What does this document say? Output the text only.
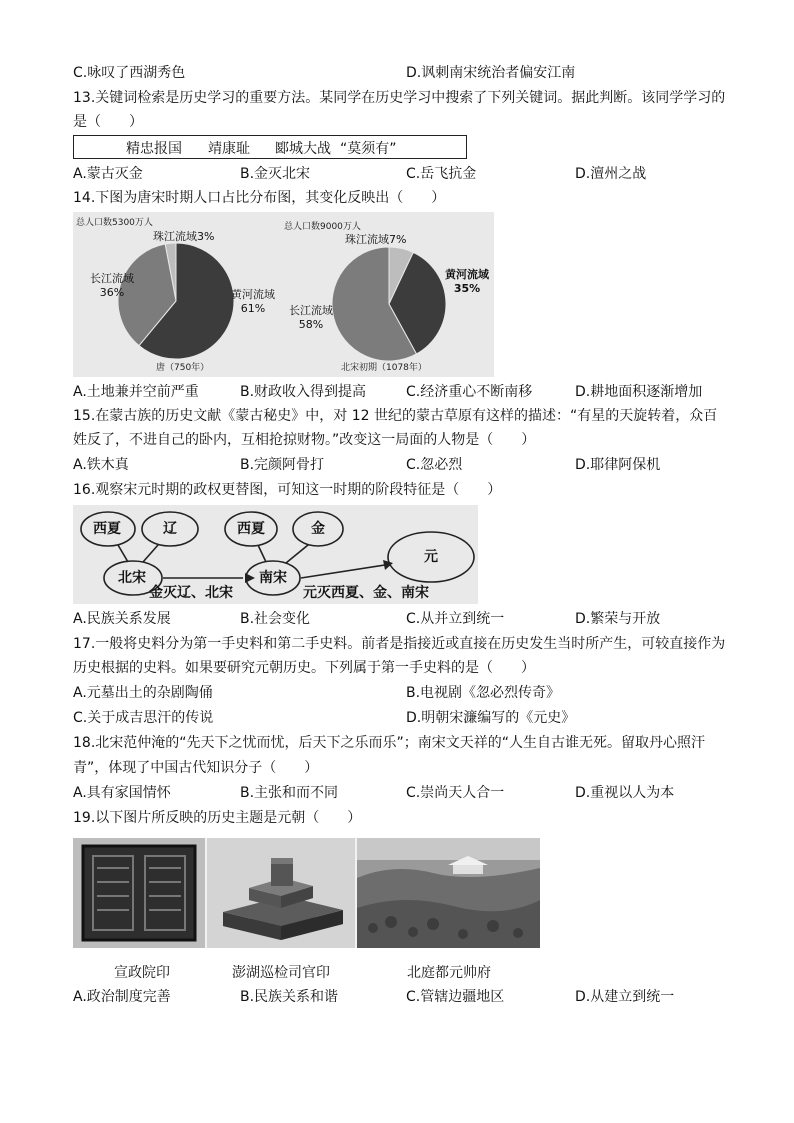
C.咏叹了西湖秀色	D.讽刺南宋统治者偏安江南
13.关键词检索是历史学习的重要方法。某同学在历史学习中搜索了下列关键词。据此判断。该同学学习的
是（　　）
精忠报国 靖康耻 郾城大战 “莫须有”
A.蒙古灭金	B.金灭北宋	C.岳飞抗金	D.澶州之战
14.下图为唐宋时期人口占比分布图，其变化反映出（　　）
总人口数5300万人
唐（750年）
珠江流域3%
长江流域
36%	黄河流域
61%
总人口数9000万人
北宋初期（1078年）
珠江流域7%
长江流域
58%
黄河流域
35%
A.土地兼并空前严重	B.财政收入得到提高	C.经济重心不断南移	D.耕地面积逐渐增加
15.在蒙古族的历史文献《蒙古秘史》中，对 12 世纪的蒙古草原有这样的描述：“有星的天旋转着，众百
姓反了，不进自己的卧内，互相抢掠财物。”改变这一局面的人物是（　　）
A.铁木真	B.完颜阿骨打	C.忽必烈	D.耶律阿保机
16.观察宋元时期的政权更替图，可知这一时期的阶段特征是（　　）
西夏	辽
北宋
金灭辽、北宋
西夏	金
南宋
元灭西夏、金、南宋
元
A.民族关系发展	B.社会变化	C.从并立到统一	D.繁荣与开放
17.一般将史料分为第一手史料和第二手史料。前者是指接近或直接在历史发生当时所产生，可较直接作为
历史根据的史料。如果要研究元朝历史。下列属于第一手史料的是（　　）
A.元墓出土的杂剧陶俑	B.电视剧《忽必烈传奇》
C.关于成吉思汗的传说	D.明朝宋濂编写的《元史》
18.北宋范仲淹的“先天下之忧而忧，后天下之乐而乐”；南宋文天祥的“人生自古谁无死。留取丹心照汗
青”，体现了中国古代知识分子（　　）
A.具有家国情怀	B.主张和而不同	C.崇尚天人合一	D.重视以人为本
19.以下图片所反映的历史主题是元朝（　　）
宣政院印	澎湖巡检司官印	北庭都元帅府
A.政治制度完善	B.民族关系和谐	C.管辖边疆地区	D.从建立到统一
